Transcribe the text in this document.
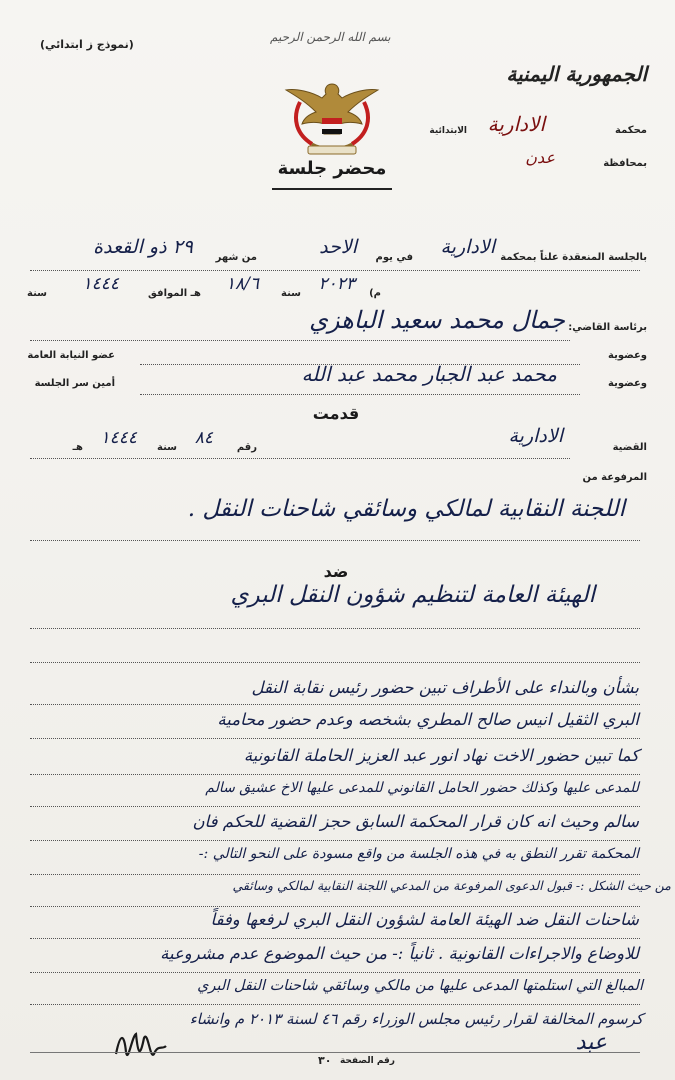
(نموذج ز ابتدائي)
بسم الله الرحمن الرحيم
محضر جلسة
الجمهورية اليمنية
محكمة
الادارية
الابتدائية
بمحافظة
عدن
بالجلسة المنعقدة علناً بمحكمة
الادارية
في يوم
الاحد
من شهر
٢٩ ذو القعدة
سنة ١٤٤٤	هـ الموافق ١٨/٦ سنة ٢٠٢٣ م)
برئاسة القاضي:
جمال محمد سعيد الباهزي
وعضوية
عضو النيابة العامة
وعضوية
محمد عبد الجبار محمد عبد الله
أمين سر الجلسة
قدمت
القضية
الادارية
رقم
٨٤
سنة
١٤٤٤
هـ
المرفوعة من
اللجنة النقابية لمالكي وسائقي شاحنات النقل .
ضد
الهيئة العامة لتنظيم شؤون النقل البري
بشأن وبالنداء على الأطراف تبين حضور رئيس نقابة النقل
البري الثقيل انيس صالح المطري بشخصه وعدم حضور محامية
كما تبين حضور الاخت نهاد انور عبد العزيز الحاملة القانونية
للمدعى عليها وكذلك حضور الحامل القانوني للمدعى عليها الاخ عشيق سالم
سالم وحيث انه كان قرار المحكمة السابق حجز القضية للحكم فان
المحكمة تقرر النطق به في هذه الجلسة من واقع مسودة على النحو التالي :-
من حيث الشكل :- قبول الدعوى المرفوعة من المدعي اللجنة النقابية لمالكي وسائقي
شاحنات النقل ضد الهيئة العامة لشؤون النقل البري لرفعها وفقاً
للاوضاع والاجراءات القانونية . ثانياً :- من حيث الموضوع عدم مشروعية
المبالغ التي استلمتها المدعى عليها من مالكي وسائقي شاحنات النقل البري
كرسوم المخالفة لقرار رئيس مجلس الوزراء رقم ٤٦ لسنة ٢٠١٣ م وانشاء
رقم الصفحة
٣٠
عبد
